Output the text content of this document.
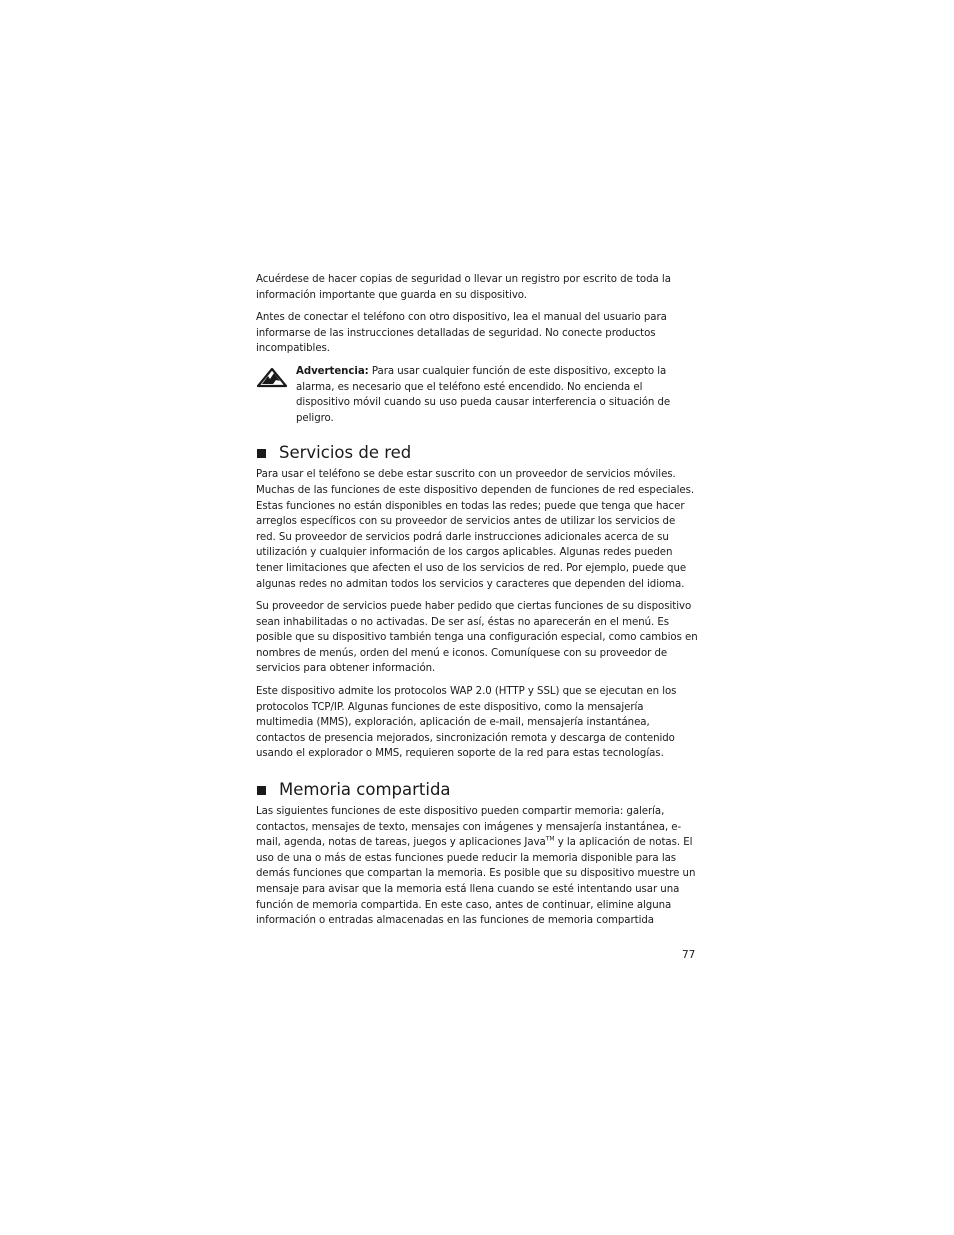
Acuérdese de hacer copias de seguridad o llevar un registro por escrito de toda la información importante que guarda en su dispositivo.

Antes de conectar el teléfono con otro dispositivo, lea el manual del usuario para informarse de las instrucciones detalladas de seguridad. No conecte productos incompatibles.

Advertencia: Para usar cualquier función de este dispositivo, excepto la alarma, es necesario que el teléfono esté encendido. No encienda el dispositivo móvil cuando su uso pueda causar interferencia o situación de peligro.

Servicios de red

Para usar el teléfono se debe estar suscrito con un proveedor de servicios móviles. Muchas de las funciones de este dispositivo dependen de funciones de red especiales. Estas funciones no están disponibles en todas las redes; puede que tenga que hacer arreglos específicos con su proveedor de servicios antes de utilizar los servicios de red. Su proveedor de servicios podrá darle instrucciones adicionales acerca de su utilización y cualquier información de los cargos aplicables. Algunas redes pueden tener limitaciones que afecten el uso de los servicios de red. Por ejemplo, puede que algunas redes no admitan todos los servicios y caracteres que dependen del idioma.

Su proveedor de servicios puede haber pedido que ciertas funciones de su dispositivo sean inhabilitadas o no activadas. De ser así, éstas no aparecerán en el menú. Es posible que su dispositivo también tenga una configuración especial, como cambios en nombres de menús, orden del menú e iconos. Comuníquese con su proveedor de servicios para obtener información.

Este dispositivo admite los protocolos WAP 2.0 (HTTP y SSL) que se ejecutan en los protocolos TCP/IP. Algunas funciones de este dispositivo, como la mensajería multimedia (MMS), exploración, aplicación de e-mail, mensajería instantánea, contactos de presencia mejorados, sincronización remota y descarga de contenido usando el explorador o MMS, requieren soporte de la red para estas tecnologías.

Memoria compartida

Las siguientes funciones de este dispositivo pueden compartir memoria: galería, contactos, mensajes de texto, mensajes con imágenes y mensajería instantánea, e-mail, agenda, notas de tareas, juegos y aplicaciones Java™ y la aplicación de notas. El uso de una o más de estas funciones puede reducir la memoria disponible para las demás funciones que compartan la memoria. Es posible que su dispositivo muestre un mensaje para avisar que la memoria está llena cuando se esté intentando usar una función de memoria compartida. En este caso, antes de continuar, elimine alguna información o entradas almacenadas en las funciones de memoria compartida

77
